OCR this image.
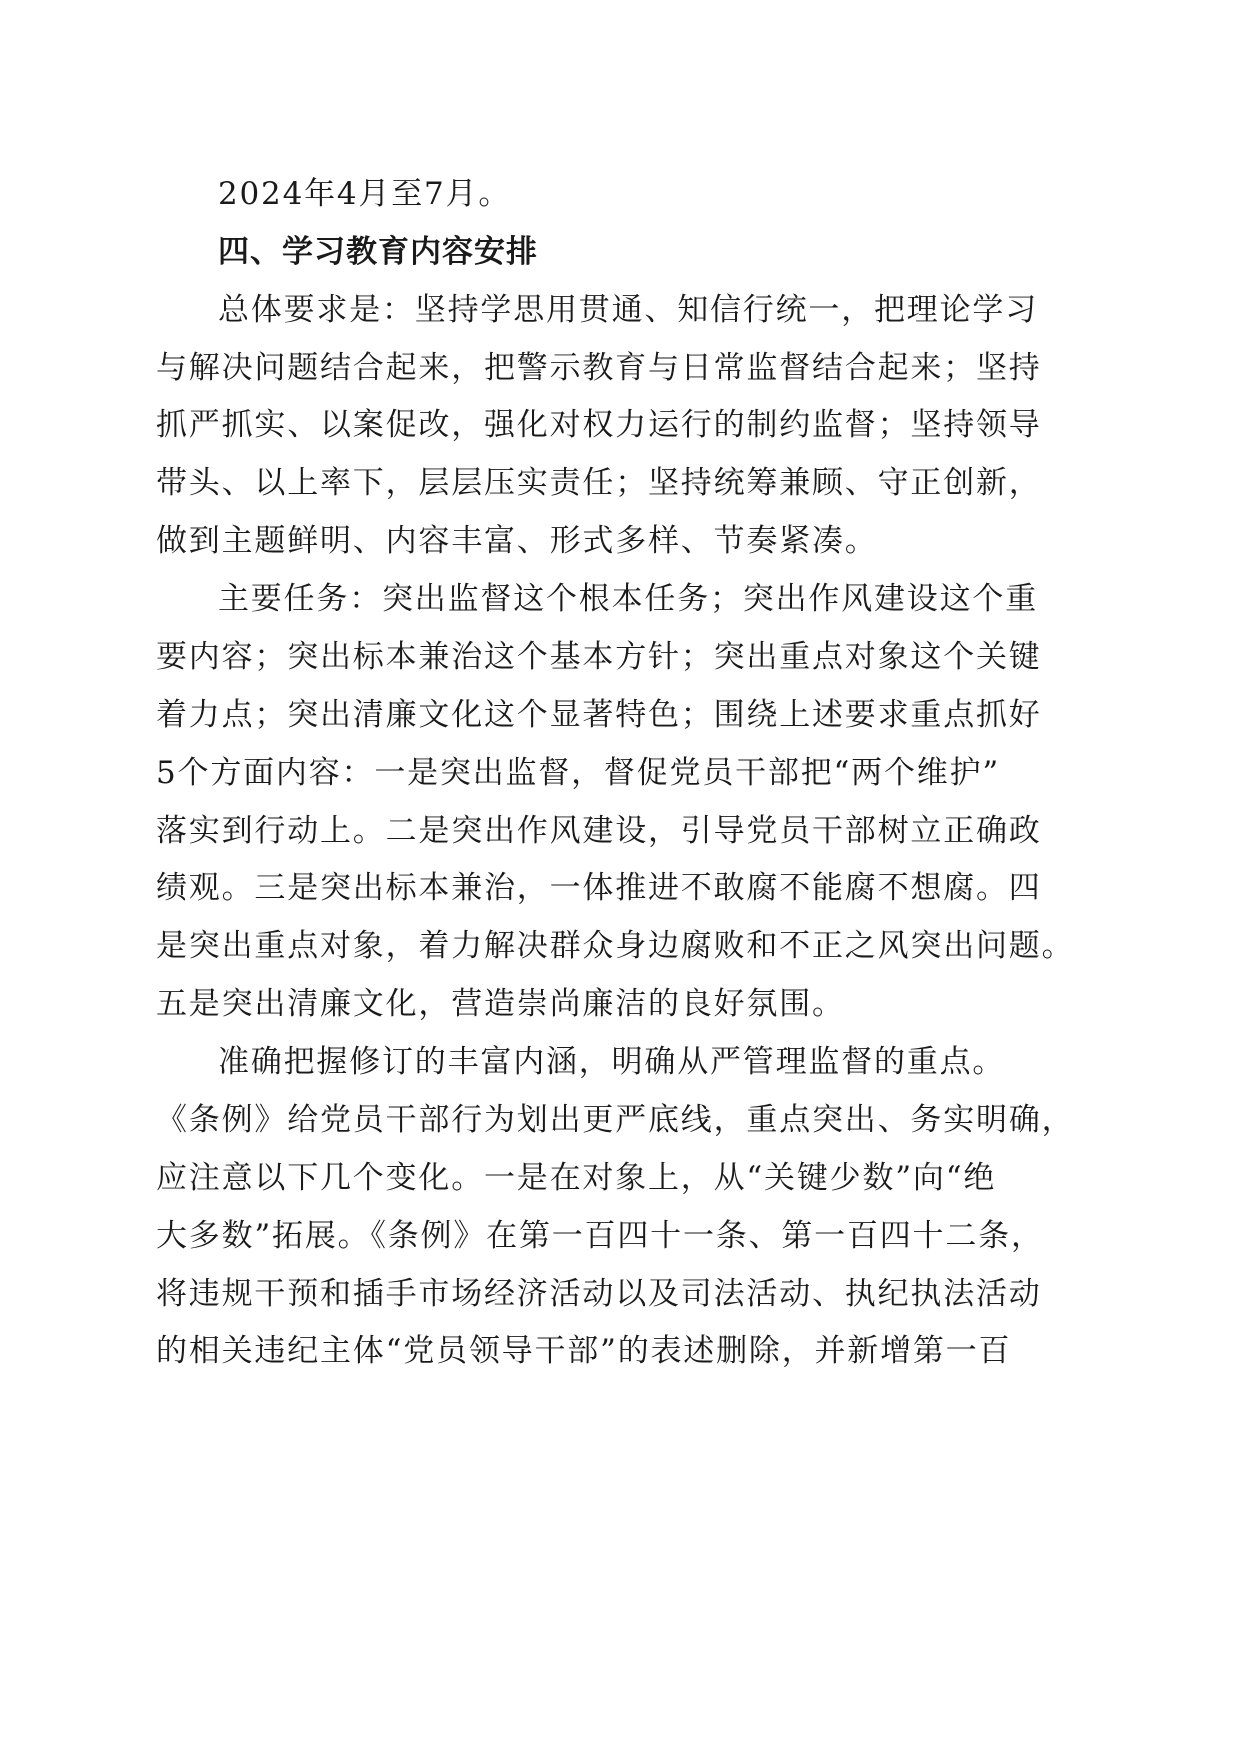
2024年4月至7月。
四、学习教育内容安排
总体要求是：坚持学思用贯通、知信行统一，把理论学习
与解决问题结合起来，把警示教育与日常监督结合起来；坚持
抓严抓实、以案促改，强化对权力运行的制约监督；坚持领导
带头、以上率下，层层压实责任；坚持统筹兼顾、守正创新，
做到主题鲜明、内容丰富、形式多样、节奏紧凑。
主要任务：突出监督这个根本任务；突出作风建设这个重
要内容；突出标本兼治这个基本方针；突出重点对象这个关键
着力点；突出清廉文化这个显著特色；围绕上述要求重点抓好
5个方面内容：一是突出监督，督促党员干部把“两个维护”
落实到行动上。二是突出作风建设，引导党员干部树立正确政
绩观。三是突出标本兼治，一体推进不敢腐不能腐不想腐。四
是突出重点对象，着力解决群众身边腐败和不正之风突出问题。
五是突出清廉文化，营造崇尚廉洁的良好氛围。
准确把握修订的丰富内涵，明确从严管理监督的重点。
《条例》给党员干部行为划出更严底线，重点突出、务实明确，
应注意以下几个变化。一是在对象上，从“关键少数”向“绝
大多数”拓展。《条例》在第一百四十一条、第一百四十二条，
将违规干预和插手市场经济活动以及司法活动、执纪执法活动
的相关违纪主体“党员领导干部”的表述删除，并新增第一百
